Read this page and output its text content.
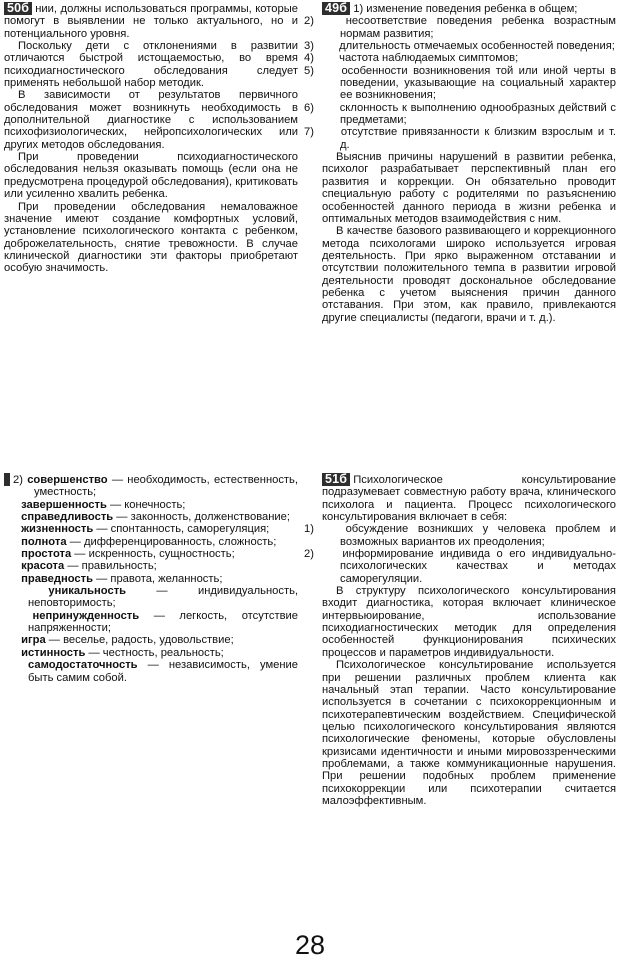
50б нии, должны использоваться программы, которые помогут в выявлении не только актуального, но и потенциального уровня.

Поскольку дети с отклонениями в развитии отличаются быстрой истощаемостью, во время психодиагностического обследования следует применять небольшой набор методик.

В зависимости от результатов первичного обследования может возникнуть необходимость в дополнительной диагностике с использованием психофизиологических, нейропсихологических или других методов обследования.

При проведении психодиагностического обследования нельзя оказывать помощь (если она не предусмотрена процедурой обследования), критиковать или усиленно хвалить ребенка.

При проведении обследования немаловажное значение имеют создание комфортных условий, установление психологического контакта с ребенком, доброжелательность, снятие тревожности. В случае клинической диагностики эти факторы приобретают особую значимость.

49б 1) изменение поведения ребенка в общем;
2)	несоответствие поведения ребенка возрастным нормам развития;
3) длительность отмечаемых особенностей поведения;
4) частота наблюдаемых симптомов;
5) особенности возникновения той или иной черты в поведении, указывающие на социальный характер ее возникновения;
6) склонность к выполнению однообразных действий с предметами;
7) отсутствие привязанности к близким взрослым и т. д.

Выяснив причины нарушений в развитии ребенка, психолог разрабатывает перспективный план его развития и коррекции. Он обязательно проводит специальную работу с родителями по разъяснению особенностей данного периода в жизни ребенка и оптимальных методов взаимодействия с ним.

В качестве базового развивающего и коррекционного метода психологами широко используется игровая деятельность. При ярко выраженном отставании и отсутствии положительного темпа в развитии игровой деятельности проводят доскональное обследование ребенка с учетом выяснения причин данного отставания. При этом, как правило, привлекаются другие специалисты (педагоги, врачи и т. д.).

2) совершенство — необходимость, естественность, уместность;
завершенность — конечность;
справедливость — законность, долженствование;
жизненность — спонтанность, саморегуляция;
полнота — дифференцированность, сложность;
простота — искренность, сущностность;
красота — правильность;
праведность — правота, желанность;
уникальность — индивидуальность, неповторимость;
непринужденность — легкость, отсутствие напряженности;
игра — веселье, радость, удовольствие;
истинность — честность, реальность;
самодостаточность — независимость, умение быть самим собой.

51б Психологическое консультирование подразумевает совместную работу врача, клинического психолога и пациента. Процесс психологического консультирования включает в себя:

1)	обсуждение возникших у человека проблем и возможных вариантов их преодоления;
2)	информирование индивида о его индивидуально-психологических качествах и методах саморегуляции.

В структуру психологического консультирования входит диагностика, которая включает клиническое интервьюирование, использование психодиагностических методик для определения особенностей функционирования психических процессов и параметров индивидуальности.

Психологическое консультирование используется при решении различных проблем клиента как начальный этап терапии. Часто консультирование используется в сочетании с психокоррекционным и психотерапевтическим воздействием. Специфической целью психологического консультирования являются психологические феномены, которые обусловлены кризисами идентичности и иными мировоззренческими проблемами, а также коммуникационные нарушения. При решении подобных проблем применение психокоррекции или психотерапии считается малоэффективным.

28
